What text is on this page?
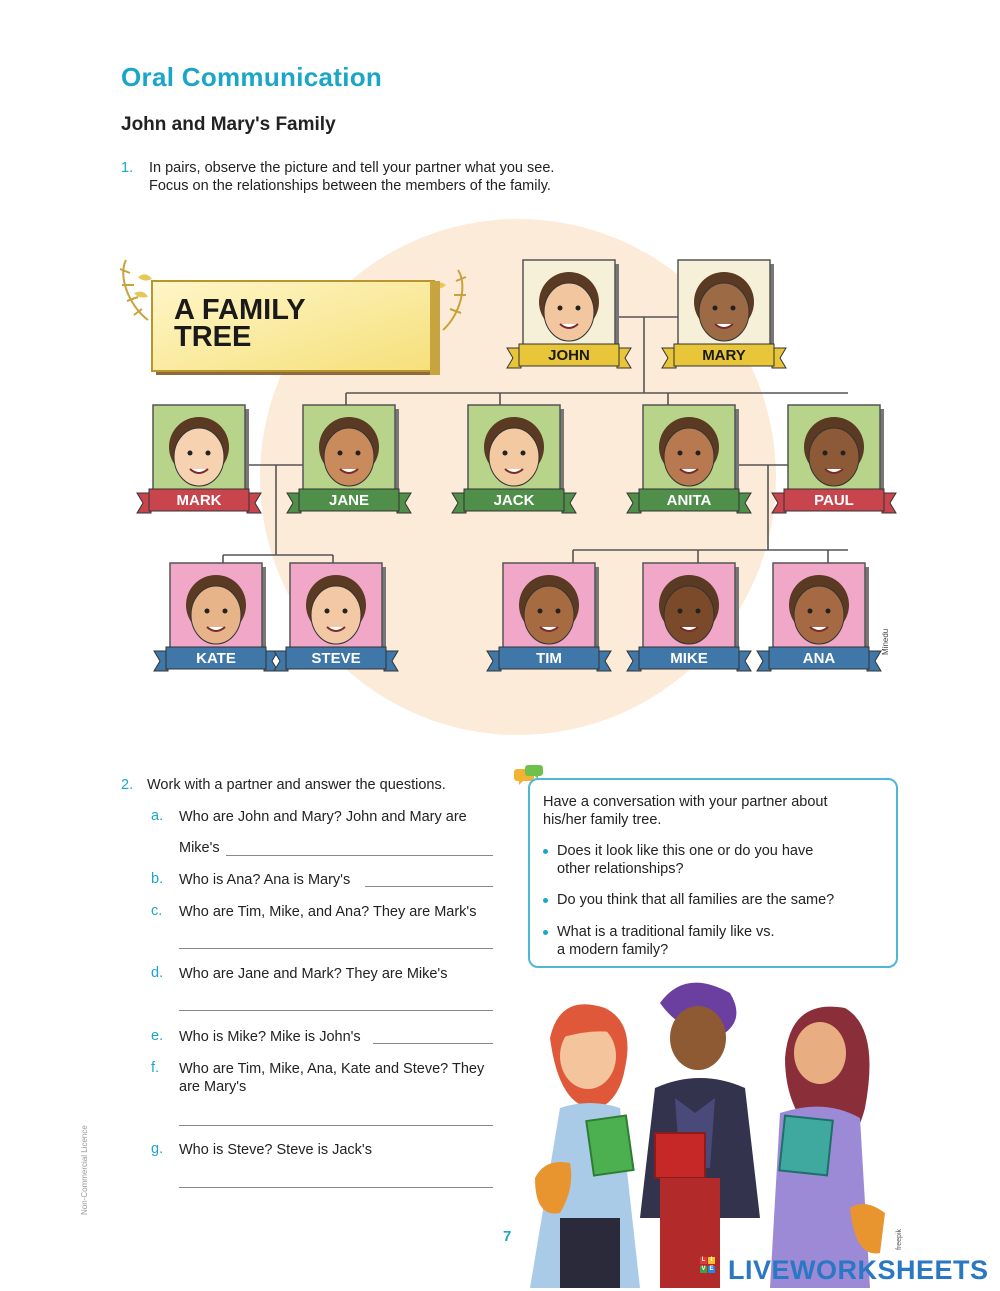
Oral Communication
John and Mary's Family
1. In pairs, observe the picture and tell your partner what you see.
Focus on the relationships between the members of the family.
A FAMILY
TREE
JOHN	MARY
MARK	JANE	JACK	ANITA	PAUL
KATE	STEVE	TIM	MIKE	ANA
Minedu
2. Work with a partner and answer the questions.
a. Who are John and Mary? John and Mary are
Mike's
b. Who is Ana? Ana is Mary's
c. Who are Tim, Mike, and Ana? They are Mark's
d. Who are Jane and Mark? They are Mike's
e. Who is Mike? Mike is John's
f. Who are Tim, Mike, Ana, Kate and Steve? They
are Mary's
g. Who is Steve? Steve is Jack's
Have a conversation with your partner about
his/her family tree.
Does it look like this one or do you have
other relationships?
Do you think that all families are the same?
What is a traditional family like vs.
a modern family?
7
Non-Commercial Licence
freepik
L I
V E LIVEWORKSHEETS
